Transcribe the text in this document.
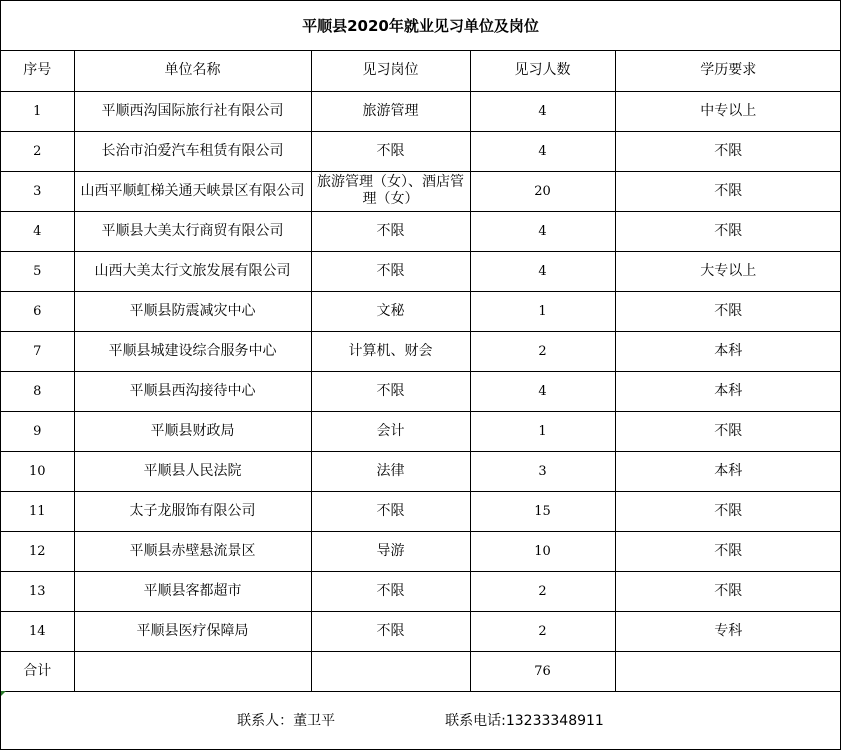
平顺县2020年就业见习单位及岗位
序号	单位名称	见习岗位	见习人数	学历要求
1	平顺西沟国际旅行社有限公司	旅游管理	4	中专以上
2	长治市泊爱汽车租赁有限公司	不限	4	不限
3	山西平顺虹梯关通天峡景区有限公司	旅游管理（女）、酒店管理（女）	20	不限
4	平顺县大美太行商贸有限公司	不限	4	不限
5	山西大美太行文旅发展有限公司	不限	4	大专以上
6	平顺县防震减灾中心	文秘	1	不限
7	平顺县城建设综合服务中心	计算机、财会	2	本科
8	平顺县西沟接待中心	不限	4	本科
9	平顺县财政局	会计	1	不限
10	平顺县人民法院	法律	3	本科
11	太子龙服饰有限公司	不限	15	不限
12	平顺县赤壁悬流景区	导游	10	不限
13	平顺县客都超市	不限	2	不限
14	平顺县医疗保障局	不限	2	专科
合计			76	
联系人：董卫平	联系电话:13233348911
